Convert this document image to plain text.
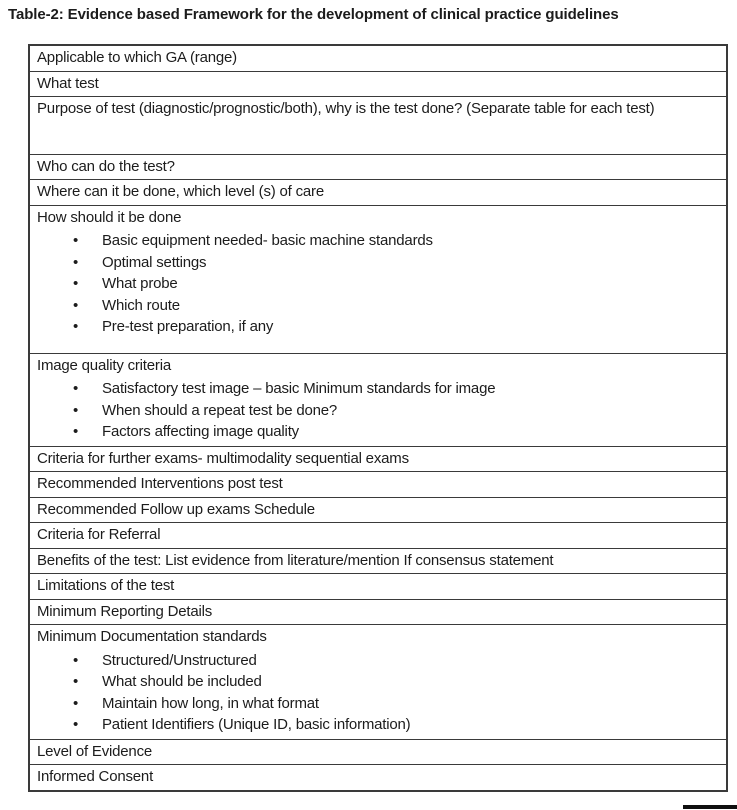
Table-2: Evidence based Framework for the development of clinical practice guidelines
Applicable to which GA (range)
What test
Purpose of test (diagnostic/prognostic/both), why is the test done? (Separate table for each test)
Who can do the test?
Where can it be done, which level (s) of care
How should it be done
• Basic equipment needed- basic machine standards
• Optimal settings
• What probe
• Which route
• Pre-test preparation, if any
Image quality criteria
• Satisfactory test image – basic Minimum standards for image
• When should a repeat test be done?
• Factors affecting image quality
Criteria for further exams- multimodality sequential exams
Recommended Interventions post test
Recommended Follow up exams Schedule
Criteria for Referral
Benefits of the test: List evidence from literature/mention If consensus statement
Limitations of the test
Minimum Reporting Details
Minimum Documentation standards
• Structured/Unstructured
• What should be included
• Maintain how long, in what format
• Patient Identifiers (Unique ID, basic information)
Level of Evidence
Informed Consent
